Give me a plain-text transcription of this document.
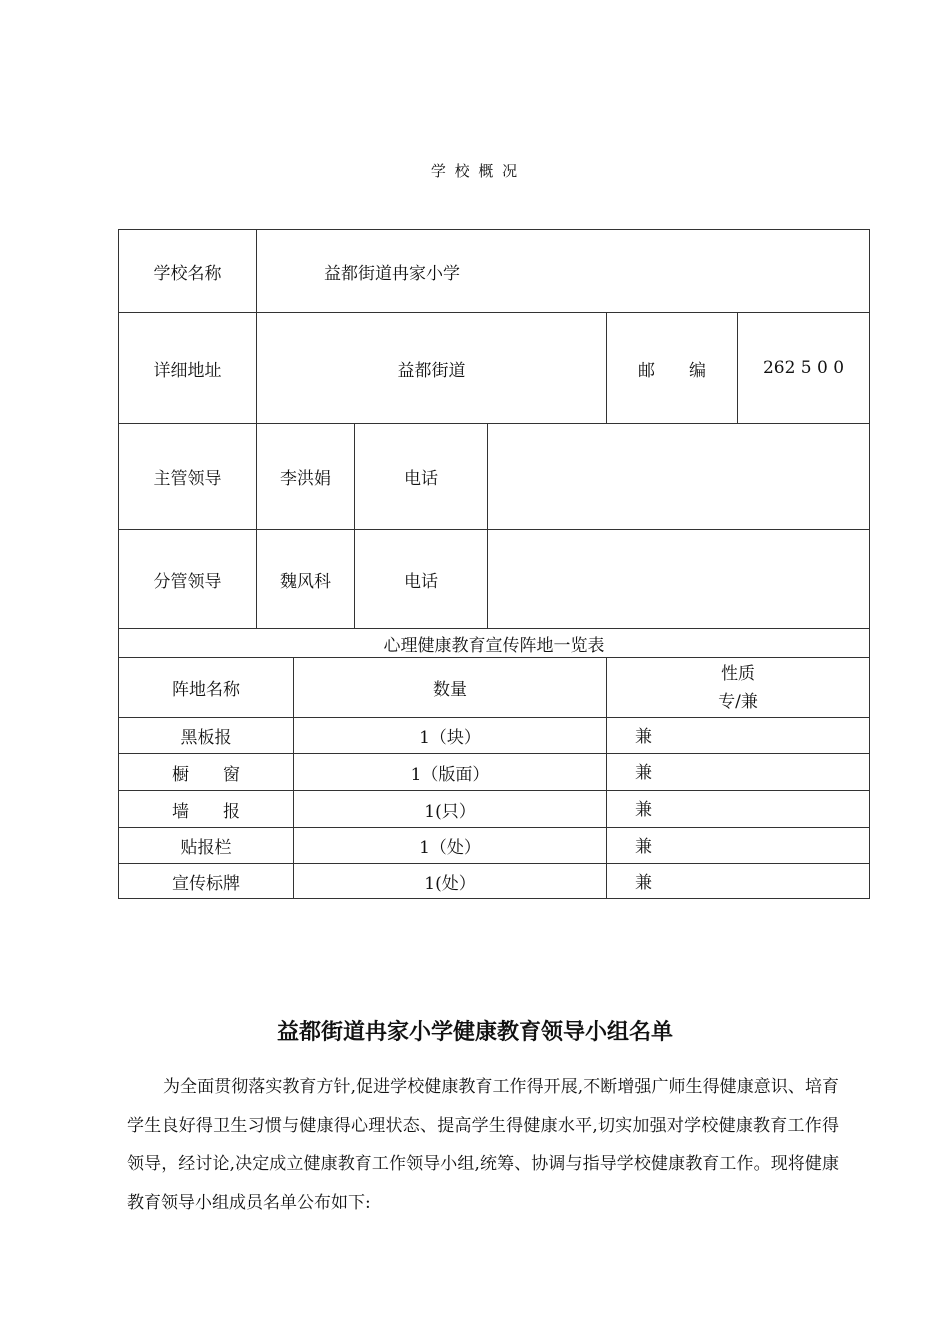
学 校 概 况
学校名称	益都街道冉家小学					
详细地址	益都街道				邮　　编	262 5 0 0
主管领导	李洪娟		电话			
分管领导	魏风科		电话			
心理健康教育宣传阵地一览表						
阵地名称		数量			性质
专/兼	

黑板报		1（块）			兼	
橱　　窗		1（版面）			兼	
墙　　报		1(只）			兼	
贴报栏		1（处）			兼	
宣传标牌		1(处）			兼	
益都街道冉家小学健康教育领导小组名单

为全面贯彻落实教育方针,促进学校健康教育工作得开展,不断增强广师生得健康意识、培育学生良好得卫生习惯与健康得心理状态、提高学生得健康水平,切实加强对学校健康教育工作得领导，经讨论,决定成立健康教育工作领导小组,统筹、协调与指导学校健康教育工作。现将健康教育领导小组成员名单公布如下:
